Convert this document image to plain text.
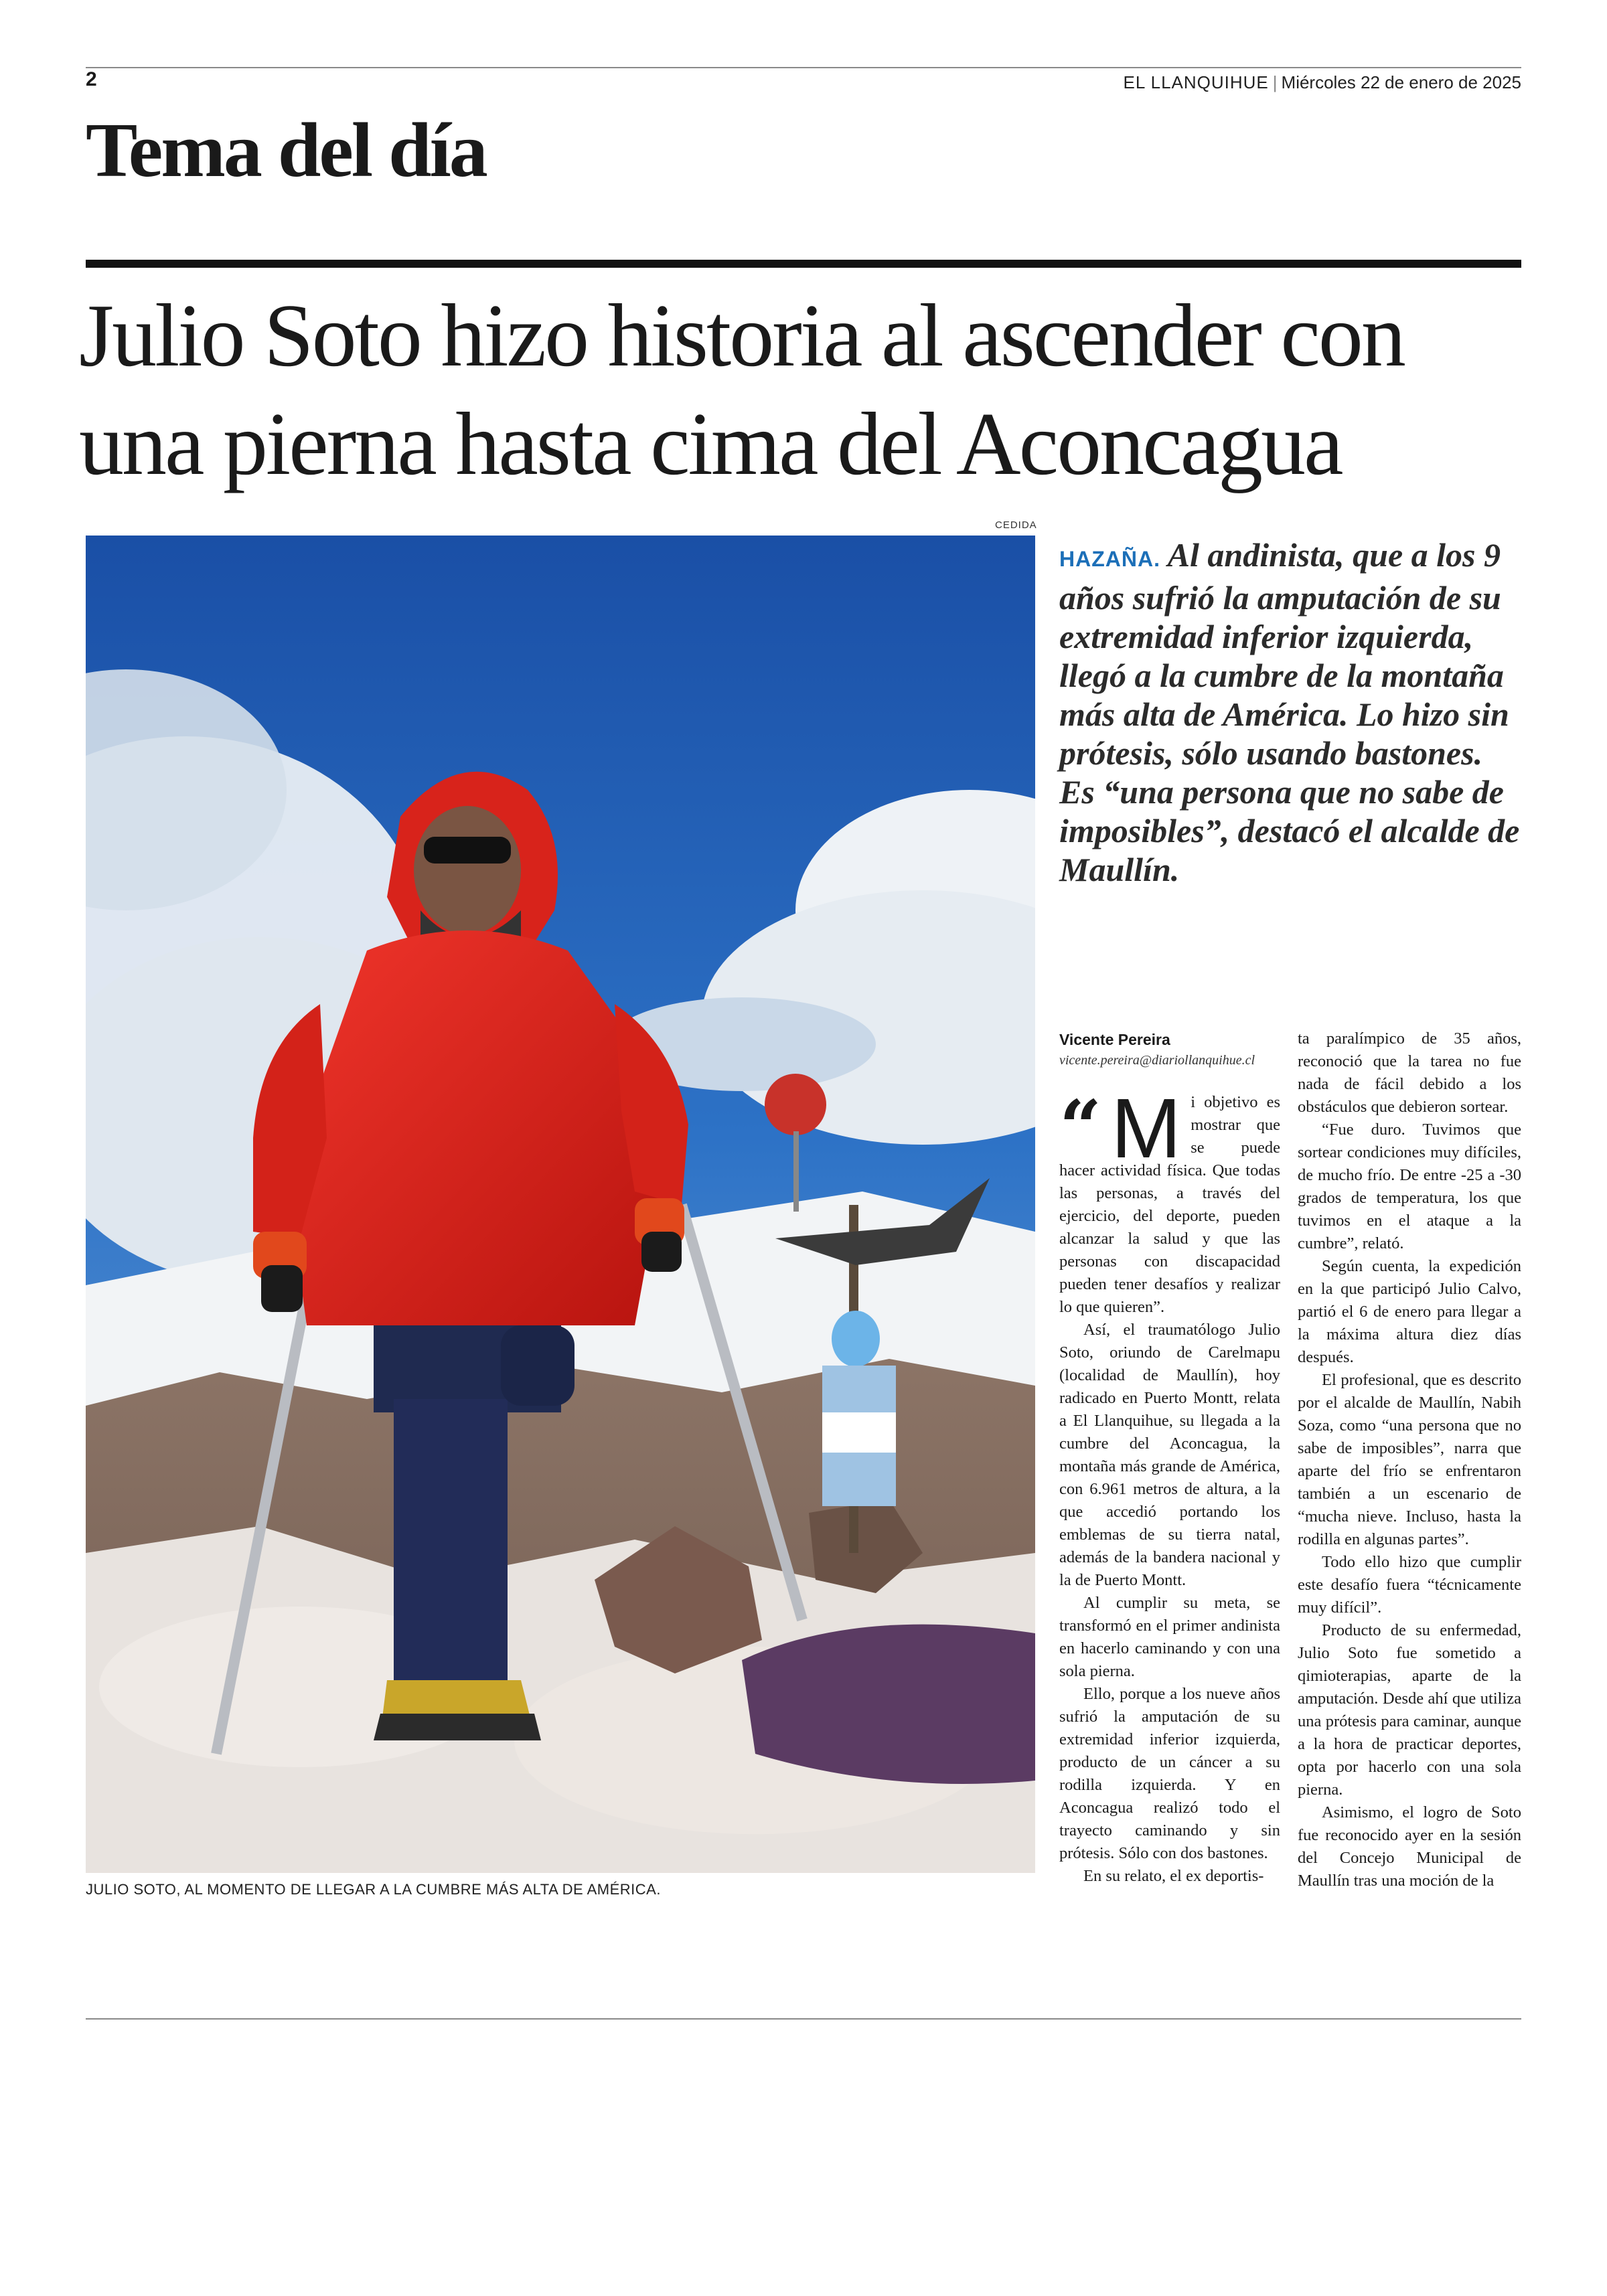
2	EL LLANQUIHUE | Miércoles 22 de enero de 2025
Tema del día
Julio Soto hizo historia al ascender con una pierna hasta cima del Aconcagua
CEDIDA
JULIO SOTO, AL MOMENTO DE LLEGAR A LA CUMBRE MÁS ALTA DE AMÉRICA.
HAZAÑA. Al andinista, que a los 9 años sufrió la amputación de su extremidad inferior izquierda, llegó a la cumbre de la montaña más alta de América. Lo hizo sin prótesis, sólo usando bastones. Es “una persona que no sabe de imposibles”, destacó el alcalde de Maullín.
Vicente Pereira
vicente.pereira@diariollanquihue.cl

“ M i objetivo es mostrar que se puede hacer actividad física. Que todas las personas, a través del ejercicio, del deporte, pueden alcanzar la salud y que las personas con discapacidad pueden tener desafíos y realizar lo que quieren”.

Así, el traumatólogo Julio Soto, oriundo de Carelmapu (localidad de Maullín), hoy radicado en Puerto Montt, relata a El Llanquihue, su llegada a la cumbre del Aconcagua, la montaña más grande de América, con 6.961 metros de altura, a la que accedió portando los emblemas de su tierra natal, además de la bandera nacional y la de Puerto Montt.

Al cumplir su meta, se transformó en el primer andinista en hacerlo caminando y con una sola pierna.

Ello, porque a los nueve años sufrió la amputación de su extremidad inferior izquierda, producto de un cáncer a su rodilla izquierda. Y en Aconcagua realizó todo el trayecto caminando y sin prótesis. Sólo con dos bastones.

En su relato, el ex deportis-

ta paralímpico de 35 años, reconoció que la tarea no fue nada de fácil debido a los obstáculos que debieron sortear.

“Fue duro. Tuvimos que sortear condiciones muy difíciles, de mucho frío. De entre -25 a -30 grados de temperatura, los que tuvimos en el ataque a la cumbre”, relató.

Según cuenta, la expedición en la que participó Julio Calvo, partió el 6 de enero para llegar a la máxima altura diez días después.

El profesional, que es descrito por el alcalde de Maullín, Nabih Soza, como “una persona que no sabe de imposibles”, narra que aparte del frío se enfrentaron también a un escenario de “mucha nieve. Incluso, hasta la rodilla en algunas partes”.

Todo ello hizo que cumplir este desafío fuera “técnicamente muy difícil”.

Producto de su enfermedad, Julio Soto fue sometido a qimioterapias, aparte de la amputación. Desde ahí que utiliza una prótesis para caminar, aunque a la hora de practicar deportes, opta por hacerlo con una sola pierna.

Asimismo, el logro de Soto fue reconocido ayer en la sesión del Concejo Municipal de Maullín tras una moción de la
